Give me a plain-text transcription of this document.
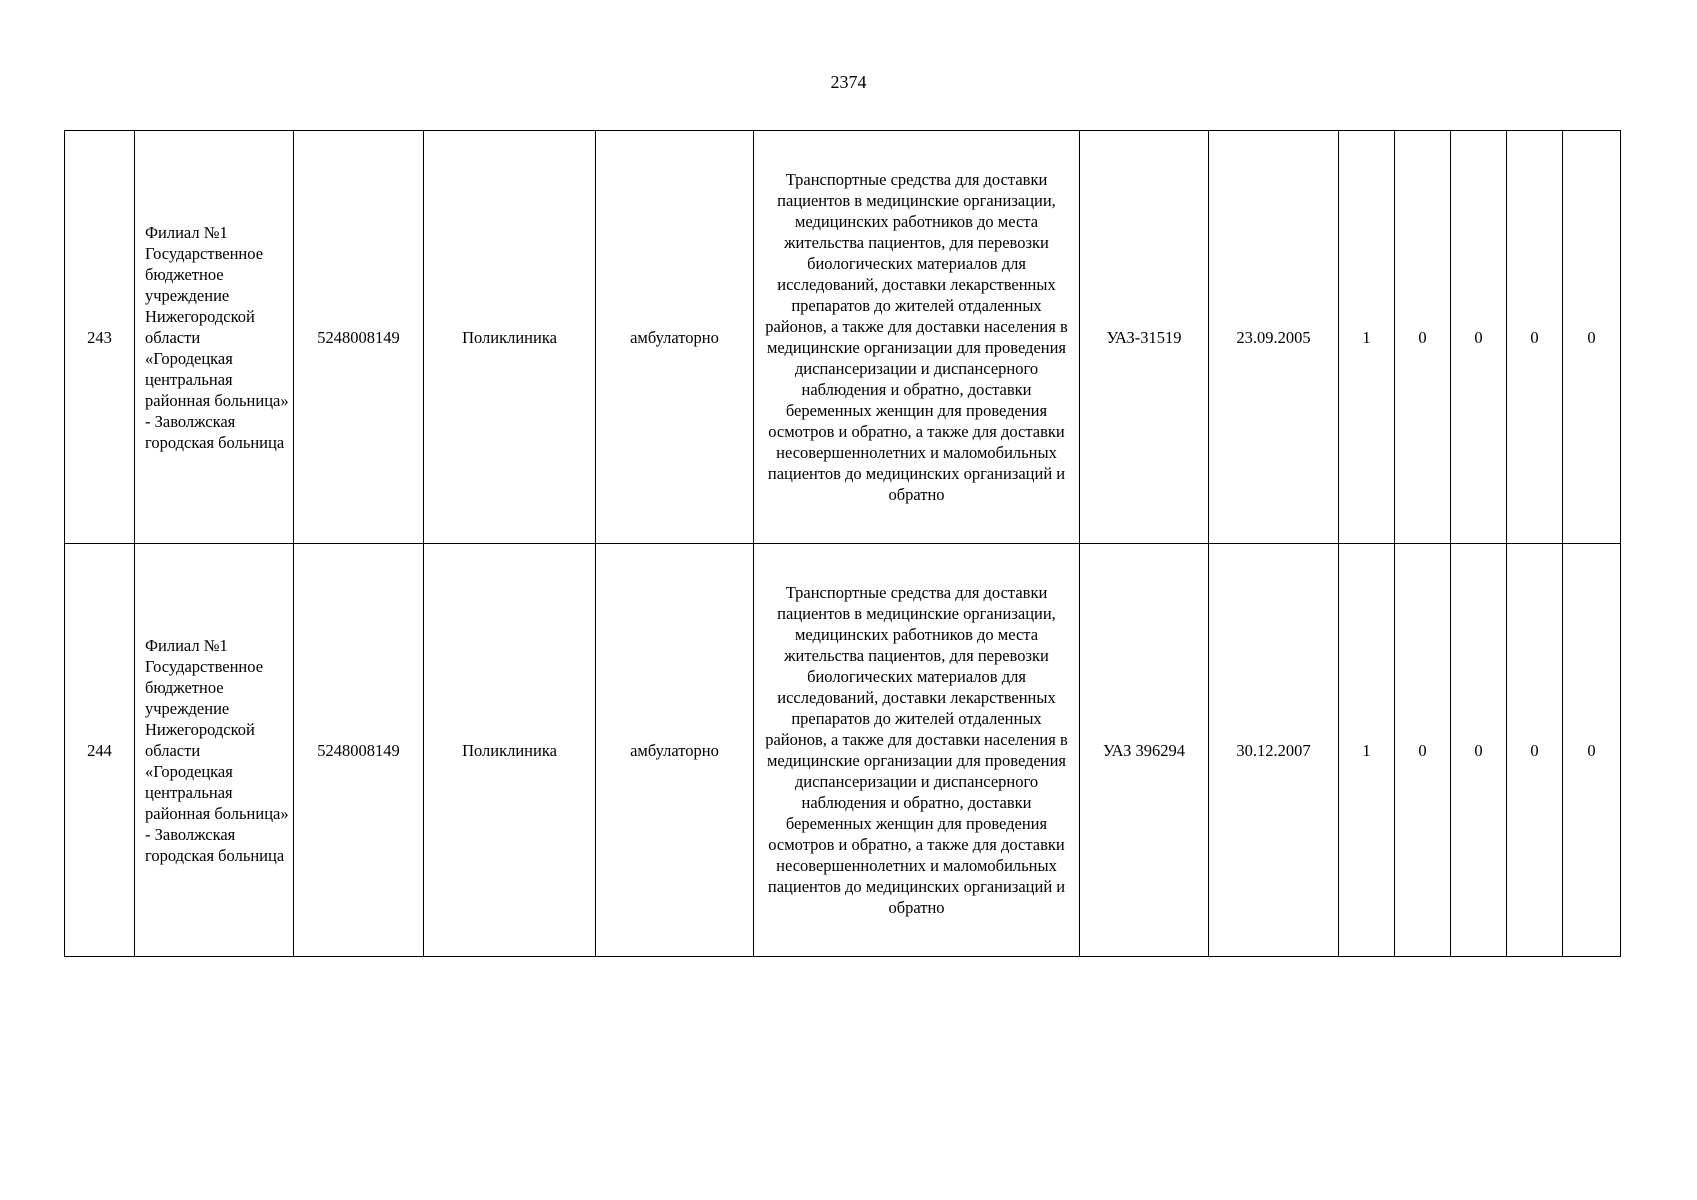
2374
243	Филиал №1 Государственное бюджетное учреждение Нижегородской области «Городецкая центральная районная больница» - Заволжская городская больница	5248008149	Поликлиника	амбулаторно	Транспортные средства для доставки пациентов в медицинские организации, медицинских работников до места жительства пациентов, для перевозки биологических материалов для исследований, доставки лекарственных препаратов до жителей отдаленных районов, а также для доставки населения в медицинские организации для проведения диспансеризации и диспансерного наблюдения и обратно, доставки беременных женщин для проведения осмотров и обратно, а также для доставки несовершеннолетних и маломобильных пациентов до медицинских организаций и обратно	УАЗ-31519	23.09.2005	1	0	0	0	0
244	Филиал №1 Государственное бюджетное учреждение Нижегородской области «Городецкая центральная районная больница» - Заволжская городская больница	5248008149	Поликлиника	амбулаторно	Транспортные средства для доставки пациентов в медицинские организации, медицинских работников до места жительства пациентов, для перевозки биологических материалов для исследований, доставки лекарственных препаратов до жителей отдаленных районов, а также для доставки населения в медицинские организации для проведения диспансеризации и диспансерного наблюдения и обратно, доставки беременных женщин для проведения осмотров и обратно, а также для доставки несовершеннолетних и маломобильных пациентов до медицинских организаций и обратно	УАЗ 396294	30.12.2007	1	0	0	0	0
